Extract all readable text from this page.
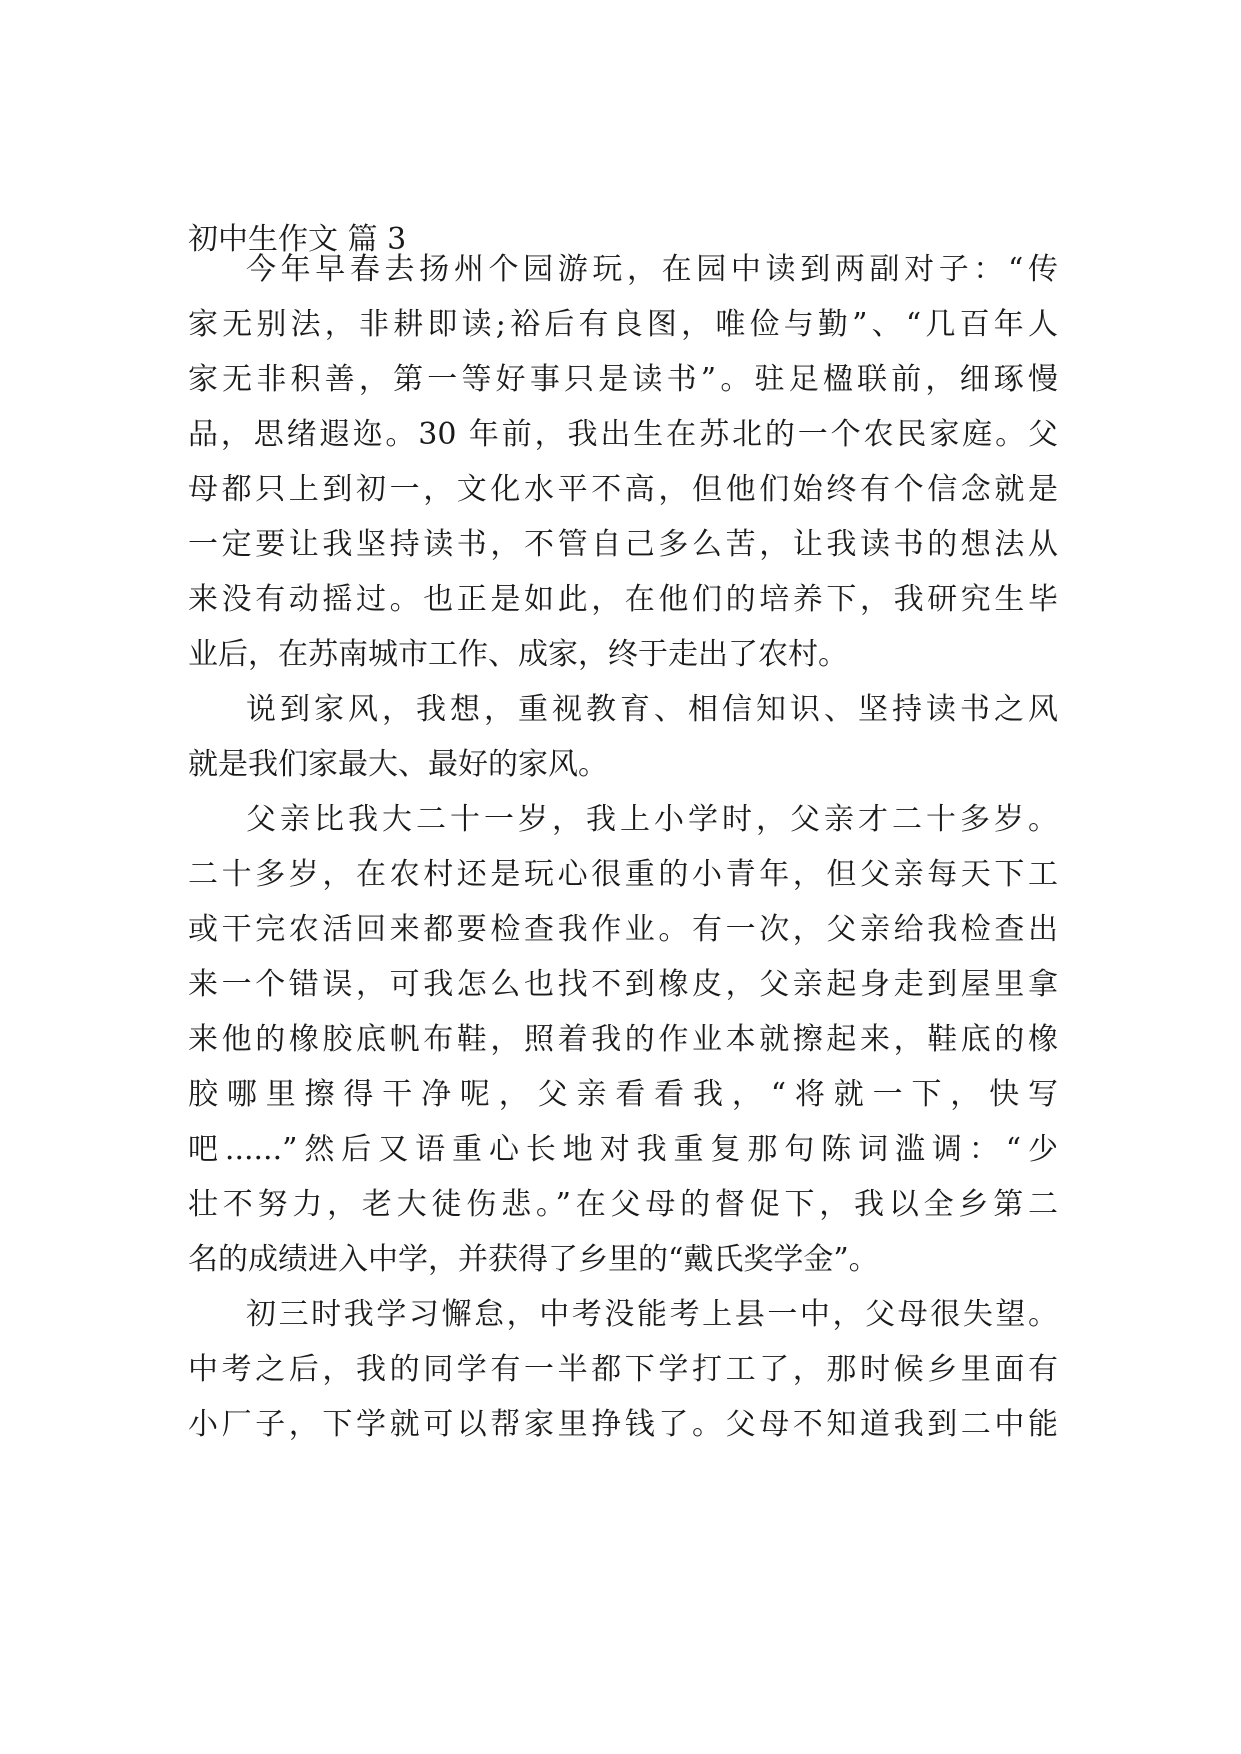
初中生作文 篇 3
今年早春去扬州个园游玩，在园中读到两副对子：“传
家无别法，非耕即读;裕后有良图，唯俭与勤”、“几百年人
家无非积善，第一等好事只是读书”。驻足楹联前，细琢慢
品，思绪遐迩。30 年前，我出生在苏北的一个农民家庭。父
母都只上到初一，文化水平不高，但他们始终有个信念就是
一定要让我坚持读书，不管自己多么苦，让我读书的想法从
来没有动摇过。也正是如此，在他们的培养下，我研究生毕
业后，在苏南城市工作、成家，终于走出了农村。
说到家风，我想，重视教育、相信知识、坚持读书之风
就是我们家最大、最好的家风。
父亲比我大二十一岁，我上小学时，父亲才二十多岁。
二十多岁，在农村还是玩心很重的小青年，但父亲每天下工
或干完农活回来都要检查我作业。有一次，父亲给我检查出
来一个错误，可我怎么也找不到橡皮，父亲起身走到屋里拿
来他的橡胶底帆布鞋，照着我的作业本就擦起来，鞋底的橡
胶哪里擦得干净呢，父亲看看我，“将就一下，快写
吧......”然后又语重心长地对我重复那句陈词滥调：“少
壮不努力，老大徒伤悲。”在父母的督促下，我以全乡第二
名的成绩进入中学，并获得了乡里的“戴氏奖学金”。
初三时我学习懈怠，中考没能考上县一中，父母很失望。
中考之后，我的同学有一半都下学打工了，那时候乡里面有
小厂子，下学就可以帮家里挣钱了。父母不知道我到二中能
